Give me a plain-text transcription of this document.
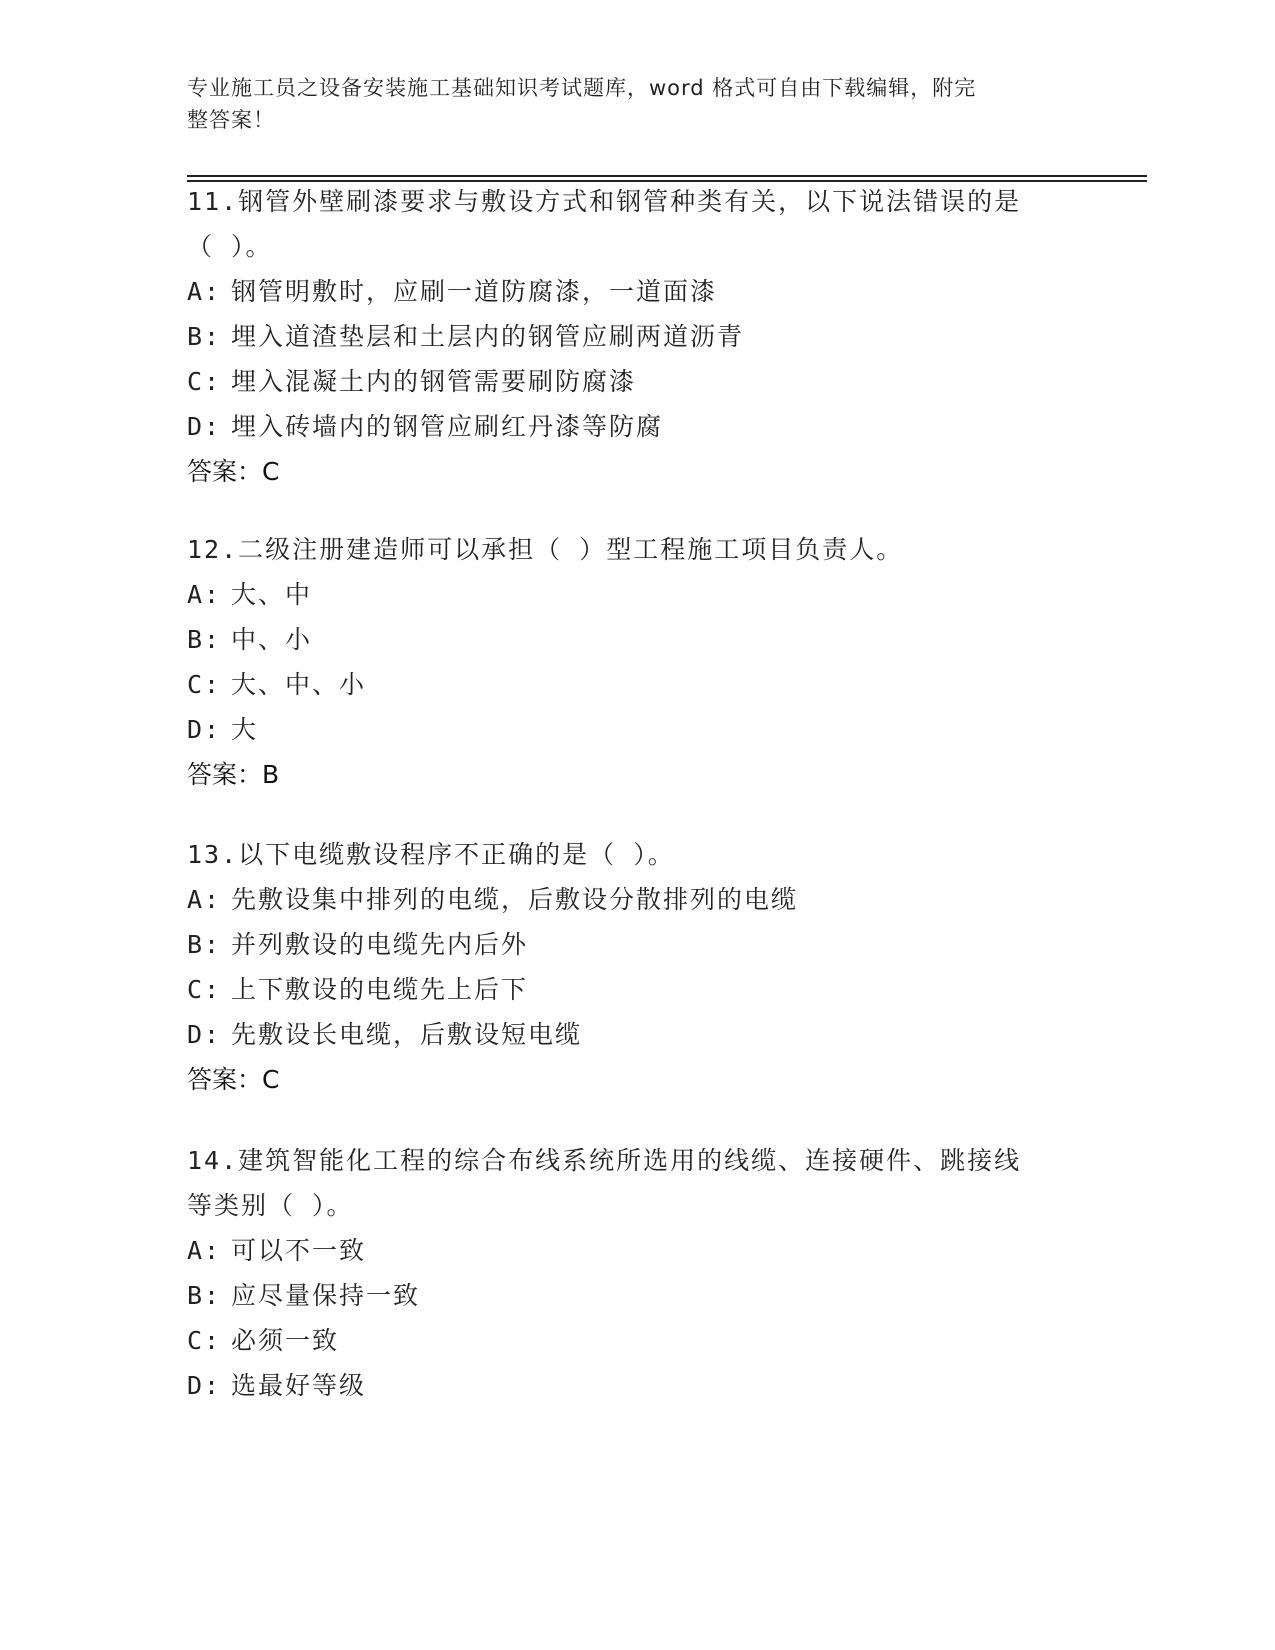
专业施工员之设备安装施工基础知识考试题库，word 格式可自由下载编辑，附完
整答案！

11.钢管外壁刷漆要求与敷设方式和钢管种类有关，以下说法错误的是

（ ）。

A: 钢管明敷时，应刷一道防腐漆，一道面漆

B: 埋入道渣垫层和土层内的钢管应刷两道沥青

C: 埋入混凝土内的钢管需要刷防腐漆

D: 埋入砖墙内的钢管应刷红丹漆等防腐

答案：C

12.二级注册建造师可以承担（ ）型工程施工项目负责人。

A: 大、中

B: 中、小

C: 大、中、小

D: 大

答案：B

13.以下电缆敷设程序不正确的是（ ）。

A: 先敷设集中排列的电缆，后敷设分散排列的电缆

B: 并列敷设的电缆先内后外

C: 上下敷设的电缆先上后下

D: 先敷设长电缆，后敷设短电缆

答案：C

14.建筑智能化工程的综合布线系统所选用的线缆、连接硬件、跳接线

等类别（ ）。

A: 可以不一致

B: 应尽量保持一致

C: 必须一致

D: 选最好等级
